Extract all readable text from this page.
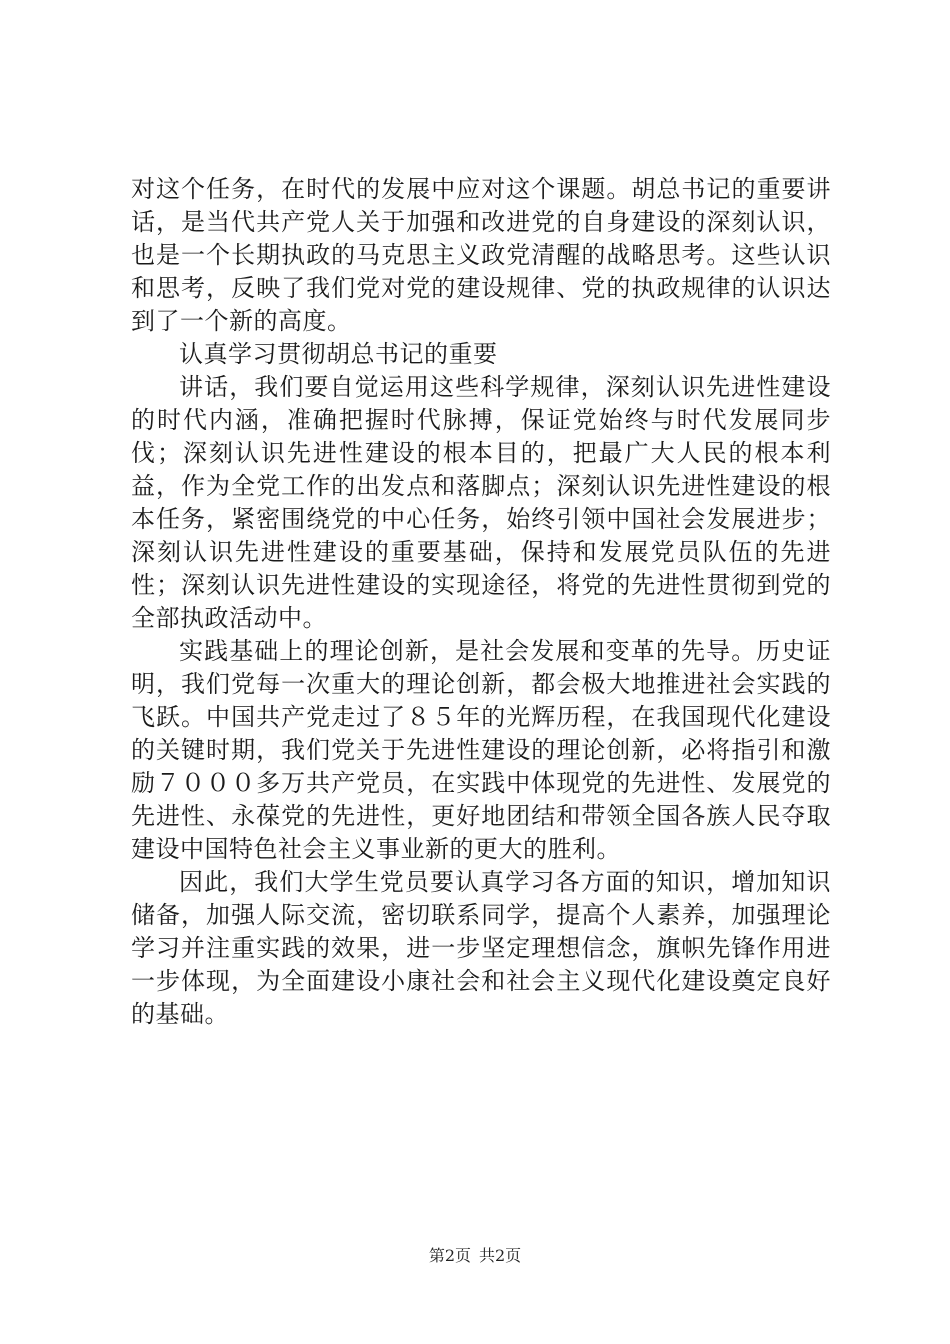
对这个任务，在时代的发展中应对这个课题。胡总书记的重要讲话，是当代共产党人关于加强和改进党的自身建设的深刻认识，也是一个长期执政的马克思主义政党清醒的战略思考。这些认识和思考，反映了我们党对党的建设规律、党的执政规律的认识达到了一个新的高度。

认真学习贯彻胡总书记的重要

讲话，我们要自觉运用这些科学规律，深刻认识先进性建设的时代内涵，准确把握时代脉搏，保证党始终与时代发展同步伐；深刻认识先进性建设的根本目的，把最广大人民的根本利益，作为全党工作的出发点和落脚点；深刻认识先进性建设的根本任务，紧密围绕党的中心任务，始终引领中国社会发展进步；深刻认识先进性建设的重要基础，保持和发展党员队伍的先进性；深刻认识先进性建设的实现途径，将党的先进性贯彻到党的全部执政活动中。

实践基础上的理论创新，是社会发展和变革的先导。历史证明，我们党每一次重大的理论创新，都会极大地推进社会实践的飞跃。中国共产党走过了８５年的光辉历程，在我国现代化建设的关键时期，我们党关于先进性建设的理论创新，必将指引和激励７０００多万共产党员，在实践中体现党的先进性、发展党的先进性、永葆党的先进性，更好地团结和带领全国各族人民夺取建设中国特色社会主义事业新的更大的胜利。

因此，我们大学生党员要认真学习各方面的知识，增加知识储备，加强人际交流，密切联系同学，提高个人素养，加强理论学习并注重实践的效果，进一步坚定理想信念，旗帜先锋作用进一步体现，为全面建设小康社会和社会主义现代化建设奠定良好的基础。

第2页 共2页
